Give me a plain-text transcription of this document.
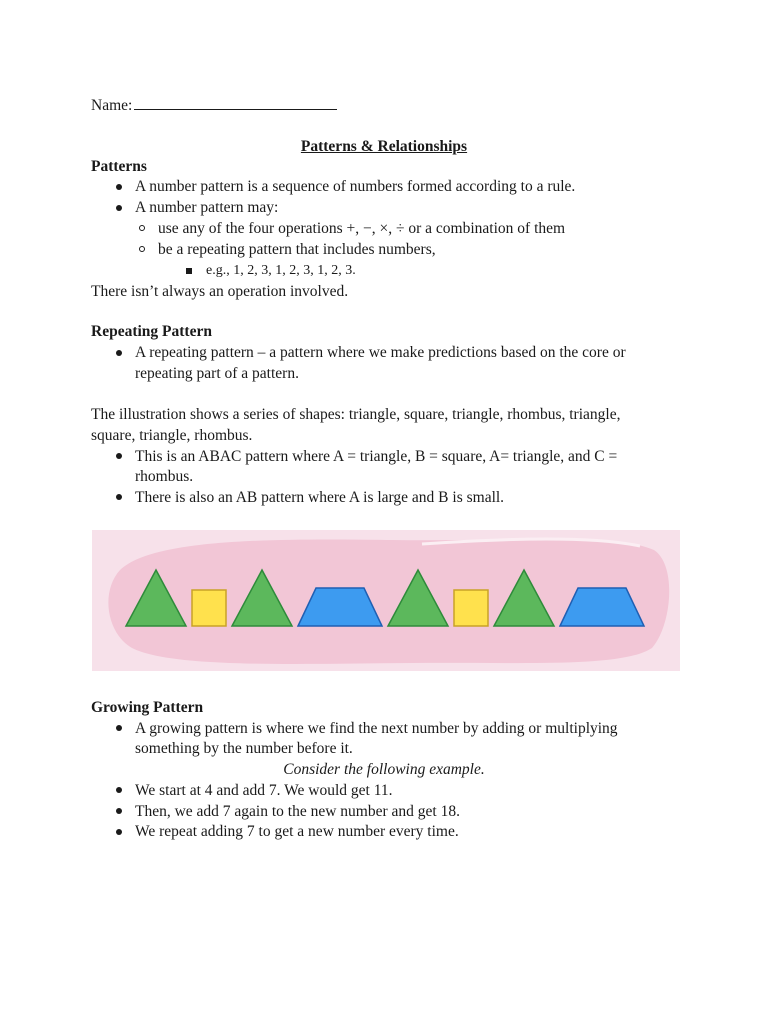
Name:
Patterns & Relationships
Patterns
A number pattern is a sequence of numbers formed according to a rule.
A number pattern may:
use any of the four operations +, −, ×, ÷ or a combination of them
be a repeating pattern that includes numbers,
e.g., 1, 2, 3, 1, 2, 3, 1, 2, 3.
There isn’t always an operation involved.
Repeating Pattern
A repeating pattern – a pattern where we make predictions based on the core or
repeating part of a pattern.
The illustration shows a series of shapes: triangle, square, triangle, rhombus, triangle,
square, triangle, rhombus.
This is an ABAC pattern where A = triangle, B = square, A= triangle, and C =
rhombus.
There is also an AB pattern where A is large and B is small.
Growing Pattern
A growing pattern is where we find the next number by adding or multiplying
something by the number before it.
Consider the following example.
We start at 4 and add 7. We would get 11.
Then, we add 7 again to the new number and get 18.
We repeat adding 7 to get a new number every time.
